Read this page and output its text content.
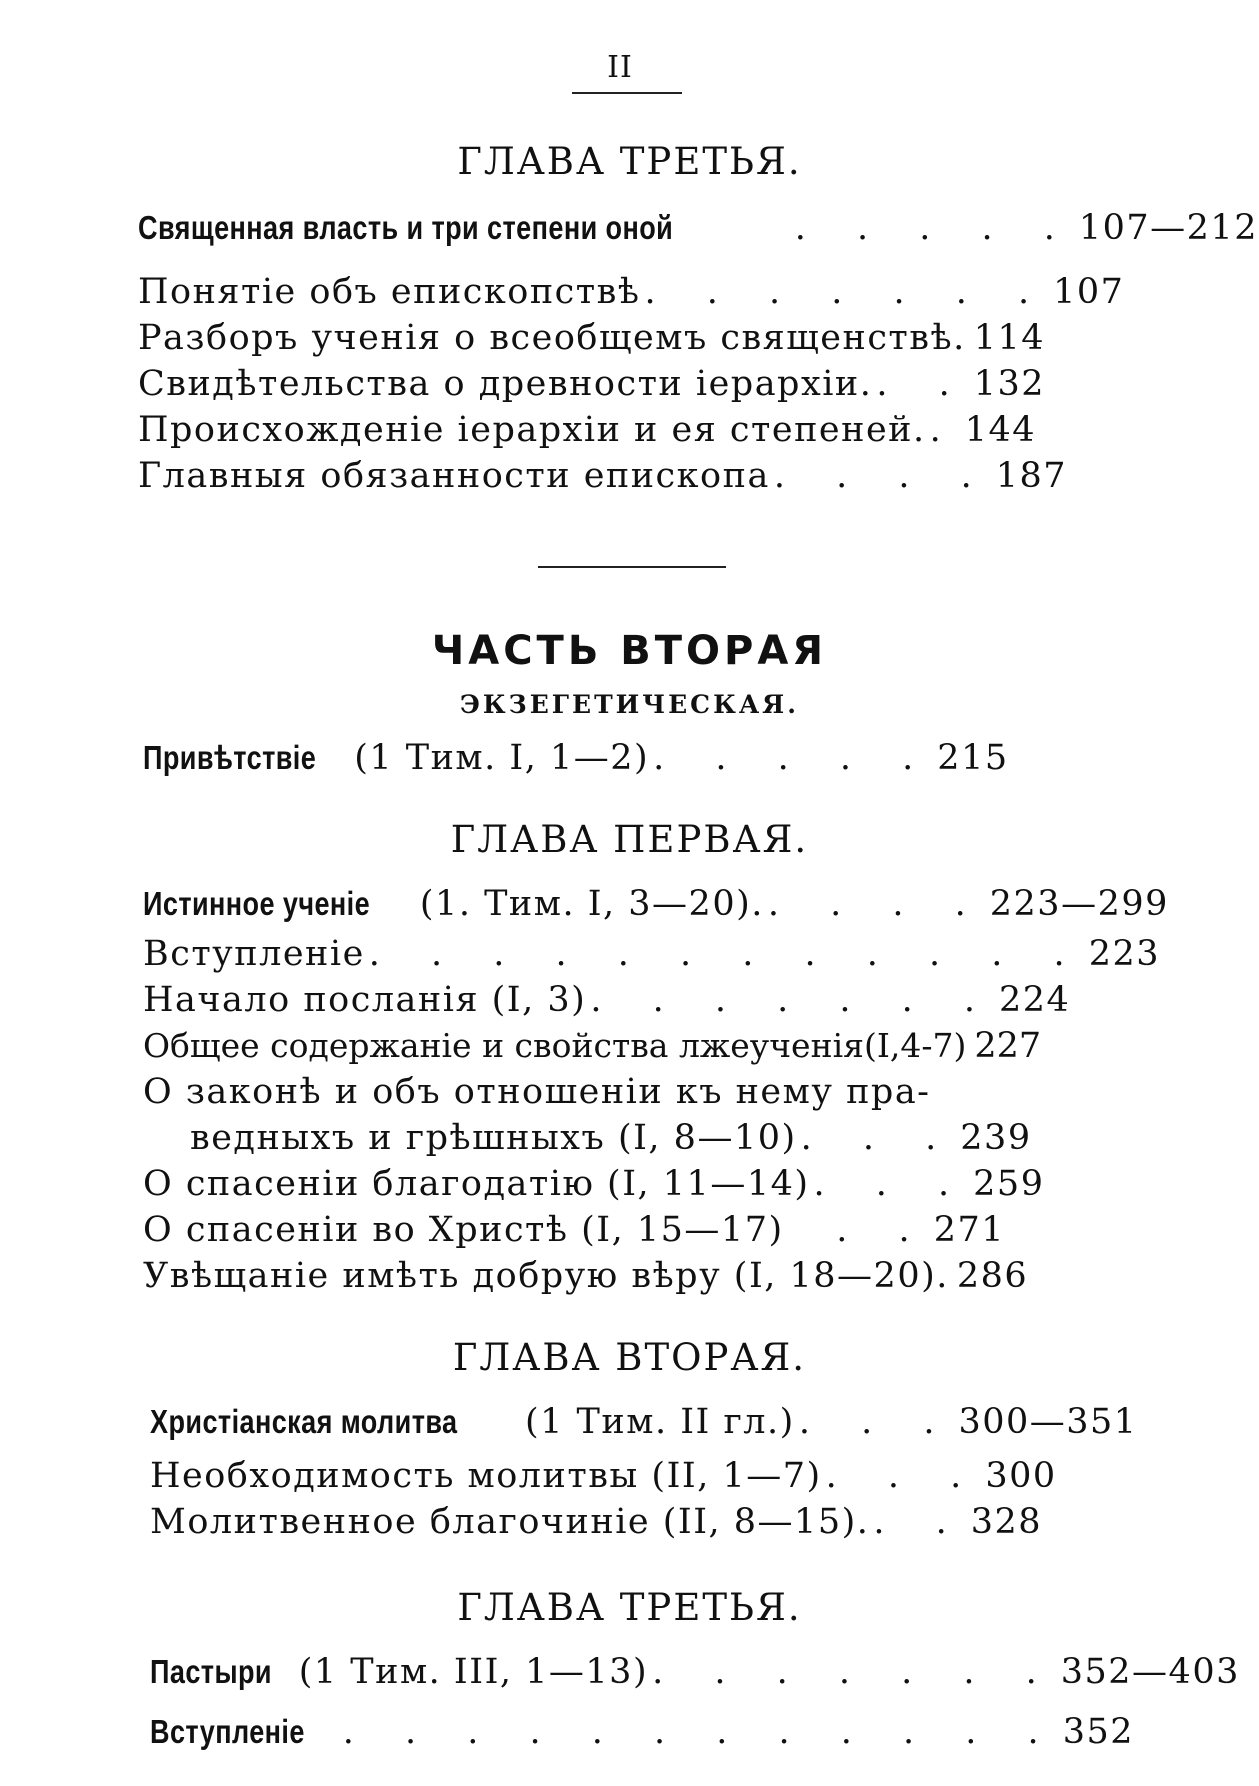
II
ГЛАВА ТРЕТЬЯ.
Священная власть и три степени оной	. . . . . 107—212
Понятіе объ епископствѣ . . . . . . . 107
Разборъ ученія о всеобщемъ священствѣ. 114
Свидѣтельства о древности іерархіи. . . 132
Происхожденіе іерархіи и ея степеней. . 144
Главныя обязанности епископа . . . . 187
ЧАСТЬ ВТОРАЯ
ЭКЗЕГЕТИЧЕСКАЯ.
Привѣтствіе (1 Тим. I, 1—2) . . . . . 215
ГЛАВА ПЕРВАЯ.
Истинное ученіе (1. Тим. I, 3—20). . . . . 223—299
Вступленіе . . . . . . . . . . . . 223
Начало посланія (I, 3) . . . . . . . 224
Общее содержаніе и свойства лжеученія(I,4-7) 227
О законѣ и объ отношеніи къ нему пра-
ведныхъ и грѣшныхъ (I, 8—10) . . . 239
О спасеніи благодатію (I, 11—14) . . . 259
О спасеніи во Христѣ (I, 15—17)	. . 271
Увѣщаніе имѣть добрую вѣру (I, 18—20). 286
ГЛАВА ВТОРАЯ.
Христіанская молитва (1 Тим. II гл.) . . . 300—351
Необходимость молитвы (II, 1—7) . . . 300
Молитвенное благочиніе (II, 8—15). . . 328
ГЛАВА ТРЕТЬЯ.
Пастыри (1 Тим. III, 1—13) . . . . . . . 352—403
Вступленіе . . . . . . . . . . . . 352
